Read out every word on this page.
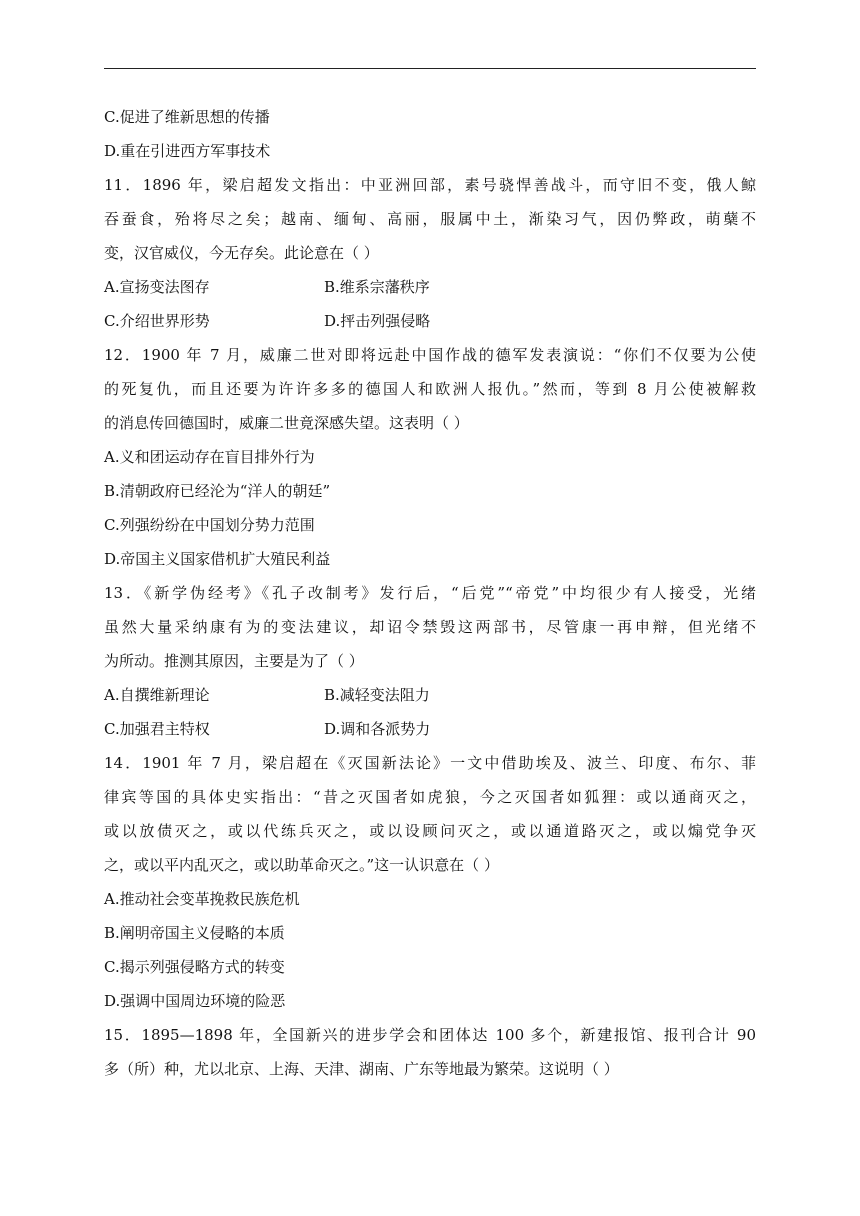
C.促进了维新思想的传播
D.重在引进西方军事技术
11．1896 年，梁启超发文指出：中亚洲回部，素号骁悍善战斗，而守旧不变，俄人鲸
吞蚕食，殆将尽之矣；越南、缅甸、高丽，服属中土，渐染习气，因仍弊政，萌蘖不
变，汉官威仪，今无存矣。此论意在（ ）
A.宣扬变法图存	B.维系宗藩秩序
C.介绍世界形势	D.抨击列强侵略
12．1900 年 7 月，威廉二世对即将远赴中国作战的德军发表演说：“你们不仅要为公使
的死复仇，而且还要为许许多多的德国人和欧洲人报仇。”然而，等到 8 月公使被解救
的消息传回德国时，威廉二世竟深感失望。这表明（ ）
A.义和团运动存在盲目排外行为
B.清朝政府已经沦为“洋人的朝廷”
C.列强纷纷在中国划分势力范围
D.帝国主义国家借机扩大殖民利益
13．《新学伪经考》《孔子改制考》发行后，“后党”“帝党”中均很少有人接受，光绪
虽然大量采纳康有为的变法建议，却诏令禁毁这两部书，尽管康一再申辩，但光绪不
为所动。推测其原因，主要是为了（ ）
A.自撰维新理论	B.减轻变法阻力
C.加强君主特权	D.调和各派势力
14．1901 年 7 月，梁启超在《灭国新法论》一文中借助埃及、波兰、印度、布尔、菲
律宾等国的具体史实指出：“昔之灭国者如虎狼，今之灭国者如狐狸：或以通商灭之，
或以放债灭之，或以代练兵灭之，或以设顾问灭之，或以通道路灭之，或以煽党争灭
之，或以平内乱灭之，或以助革命灭之。”这一认识意在（ ）
A.推动社会变革挽救民族危机
B.阐明帝国主义侵略的本质
C.揭示列强侵略方式的转变
D.强调中国周边环境的险恶
15．1895—1898 年，全国新兴的进步学会和团体达 100 多个，新建报馆、报刊合计 90
多（所）种，尤以北京、上海、天津、湖南、广东等地最为繁荣。这说明（ ）
